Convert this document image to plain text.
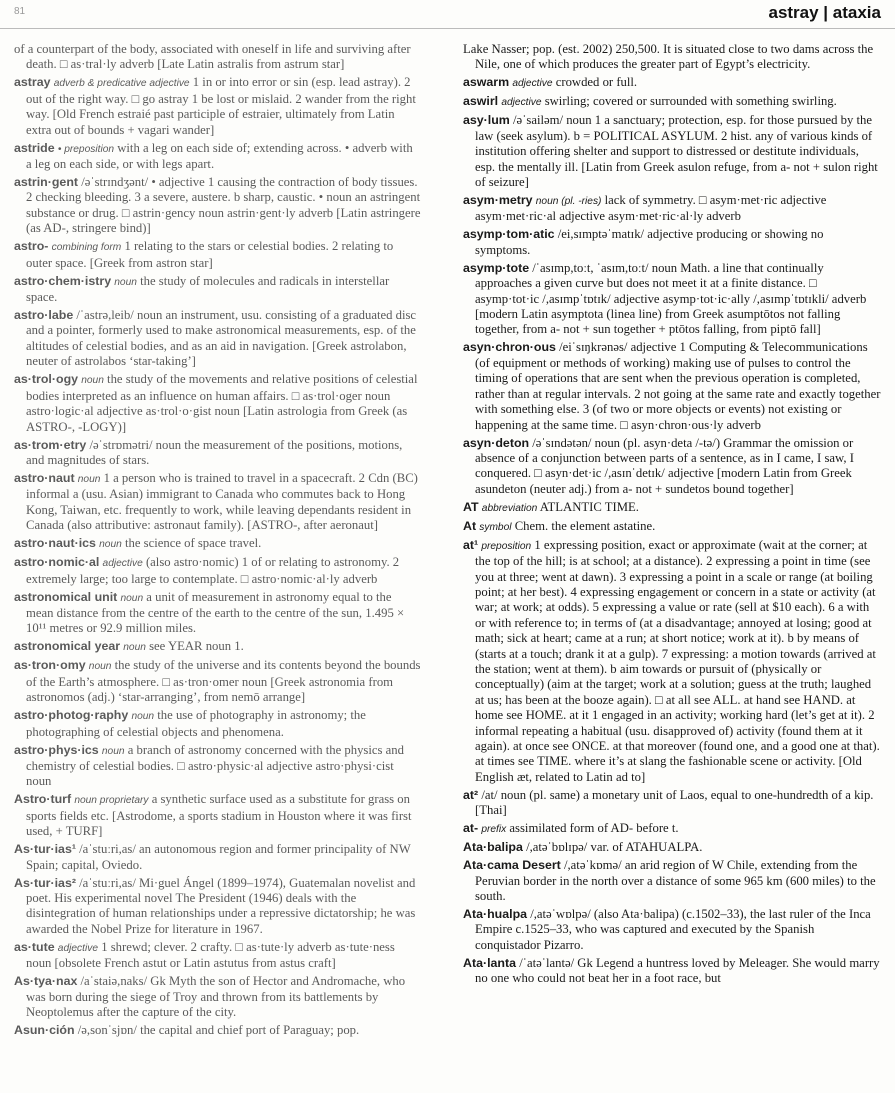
81	astray | ataxia

of a counterpart of the body, associated with oneself in life and surviving after death. □ as·tral·ly adverb [Late Latin astralis from astrum star]

astray adverb & predicative adjective 1 in or into error or sin (esp. lead astray). 2 out of the right way. □ go astray 1 be lost or mislaid. 2 wander from the right way. [Old French estraié past participle of estraier, ultimately from Latin extra out of bounds + vagari wander]

astride • preposition with a leg on each side of; extending across. • adverb with a leg on each side, or with legs apart.

astrin·gent /əˈstrɪndʒənt/ • adjective 1 causing the contraction of body tissues. 2 checking bleeding. 3 a severe, austere. b sharp, caustic. • noun an astringent substance or drug. □ astrin·gency noun astrin·gent·ly adverb [Latin astringere (as AD-, stringere bind)]

astro- combining form 1 relating to the stars or celestial bodies. 2 relating to outer space. [Greek from astron star]

astro·chem·istry noun the study of molecules and radicals in interstellar space.

astro·labe /ˈastrə,leib/ noun an instrument, usu. consisting of a graduated disc and a pointer, formerly used to make astronomical measurements, esp. of the altitudes of celestial bodies, and as an aid in navigation. [Greek astrolabon, neuter of astrolabos ‘star-taking’]

as·trol·ogy noun the study of the movements and relative positions of celestial bodies interpreted as an influence on human affairs. □ as·trol·oger noun astro·logic·al adjective as·trol·o·gist noun [Latin astrologia from Greek (as ASTRO-, -LOGY)]

as·trom·etry /əˈstrɒmətri/ noun the measurement of the positions, motions, and magnitudes of stars.

astro·naut noun 1 a person who is trained to travel in a spacecraft. 2 Cdn (BC) informal a (usu. Asian) immigrant to Canada who commutes back to Hong Kong, Taiwan, etc. frequently to work, while leaving dependants resident in Canada (also attributive: astronaut family). [ASTRO-, after aeronaut]

astro·naut·ics noun the science of space travel.

astro·nomic·al adjective (also astro·nomic) 1 of or relating to astronomy. 2 extremely large; too large to contemplate. □ astro·nomic·al·ly adverb

astronomical unit noun a unit of measurement in astronomy equal to the mean distance from the centre of the earth to the centre of the sun, 1.495 × 10¹¹ metres or 92.9 million miles.

astronomical year noun see YEAR noun 1.

as·tron·omy noun the study of the universe and its contents beyond the bounds of the Earth’s atmosphere. □ as·tron·omer noun [Greek astronomia from astronomos (adj.) ‘star-arranging’, from nemō arrange]

astro·photog·raphy noun the use of photography in astronomy; the photographing of celestial objects and phenomena.

astro·phys·ics noun a branch of astronomy concerned with the physics and chemistry of celestial bodies. □ astro·physic·al adjective astro·physi·cist noun

Astro·turf noun proprietary a synthetic surface used as a substitute for grass on sports fields etc. [Astrodome, a sports stadium in Houston where it was first used, + TURF]

As·tur·ias¹ /aˈstuːri,as/ an autonomous region and former principality of NW Spain; capital, Oviedo.

As·tur·ias² /aˈstuːri,as/ Mi·guel Ángel (1899–1974), Guatemalan novelist and poet. His experimental novel The President (1946) deals with the disintegration of human relationships under a repressive dictatorship; he was awarded the Nobel Prize for literature in 1967.

as·tute adjective 1 shrewd; clever. 2 crafty. □ as·tute·ly adverb as·tute·ness noun [obsolete French astut or Latin astutus from astus craft]

As·tya·nax /aˈstaiə,naks/ Gk Myth the son of Hector and Andromache, who was born during the siege of Troy and thrown from its battlements by Neoptolemus after the capture of the city.

Asun·ción /ə,sonˈsjɒn/ the capital and chief port of Paraguay; pop.

Lake Nasser; pop. (est. 2002) 250,500. It is situated close to two dams across the Nile, one of which produces the greater part of Egypt’s electricity.

aswarm adjective crowded or full.

aswirl adjective swirling; covered or surrounded with something swirling.

asy·lum /əˈsailəm/ noun 1 a sanctuary; protection, esp. for those pursued by the law (seek asylum). b = POLITICAL ASYLUM. 2 hist. any of various kinds of institution offering shelter and support to distressed or destitute individuals, esp. the mentally ill. [Latin from Greek asulon refuge, from a- not + sulon right of seizure]

asym·metry noun (pl. -ries) lack of symmetry. □ asym·met·ric adjective asym·met·ric·al adjective asym·met·ric·al·ly adverb

asymp·tom·atic /ei,sɪmptəˈmatɪk/ adjective producing or showing no symptoms.

asymp·tote /ˈasɪmp,toːt, ˈasɪm,toːt/ noun Math. a line that continually approaches a given curve but does not meet it at a finite distance. □ asymp·tot·ic /,asɪmpˈtɒtɪk/ adjective asymp·tot·ic·ally /,asɪmpˈtɒtɪkli/ adverb [modern Latin asymptota (linea line) from Greek asumptōtos not falling together, from a- not + sun together + ptōtos falling, from piptō fall]

asyn·chron·ous /eiˈsɪŋkrənəs/ adjective 1 Computing & Telecommunications (of equipment or methods of working) making use of pulses to control the timing of operations that are sent when the previous operation is completed, rather than at regular intervals. 2 not going at the same rate and exactly together with something else. 3 (of two or more objects or events) not existing or happening at the same time. □ asyn·chron·ous·ly adverb

asyn·deton /əˈsɪndətən/ noun (pl. asyn·deta /-tə/) Grammar the omission or absence of a conjunction between parts of a sentence, as in I came, I saw, I conquered. □ asyn·det·ic /,asɪnˈdetɪk/ adjective [modern Latin from Greek asundeton (neuter adj.) from a- not + sundetos bound together]

AT abbreviation ATLANTIC TIME.

At symbol Chem. the element astatine.

at¹ preposition 1 expressing position, exact or approximate (wait at the corner; at the top of the hill; is at school; at a distance). 2 expressing a point in time (see you at three; went at dawn). 3 expressing a point in a scale or range (at boiling point; at her best). 4 expressing engagement or concern in a state or activity (at war; at work; at odds). 5 expressing a value or rate (sell at $10 each). 6 a with or with reference to; in terms of (at a disadvantage; annoyed at losing; good at math; sick at heart; came at a run; at short notice; work at it). b by means of (starts at a touch; drank it at a gulp). 7 expressing: a motion towards (arrived at the station; went at them). b aim towards or pursuit of (physically or conceptually) (aim at the target; work at a solution; guess at the truth; laughed at us; has been at the booze again). □ at all see ALL. at hand see HAND. at home see HOME. at it 1 engaged in an activity; working hard (let’s get at it). 2 informal repeating a habitual (usu. disapproved of) activity (found them at it again). at once see ONCE. at that moreover (found one, and a good one at that). at times see TIME. where it’s at slang the fashionable scene or activity. [Old English æt, related to Latin ad to]

at² /at/ noun (pl. same) a monetary unit of Laos, equal to one-hundredth of a kip. [Thai]

at- prefix assimilated form of AD- before t.

Ata·balipa /,atəˈbɒlɪpə/ var. of ATAHUALPA.

Ata·cama Desert /,atəˈkɒmə/ an arid region of W Chile, extending from the Peruvian border in the north over a distance of some 965 km (600 miles) to the south.

Ata·hualpa /,atəˈwɒlpə/ (also Ata·balipa) (c.1502–33), the last ruler of the Inca Empire c.1525–33, who was captured and executed by the Spanish conquistador Pizarro.

Ata·lanta /ˈatəˈlantə/ Gk Legend a huntress loved by Meleager. She would marry no one who could not beat her in a foot race, but
